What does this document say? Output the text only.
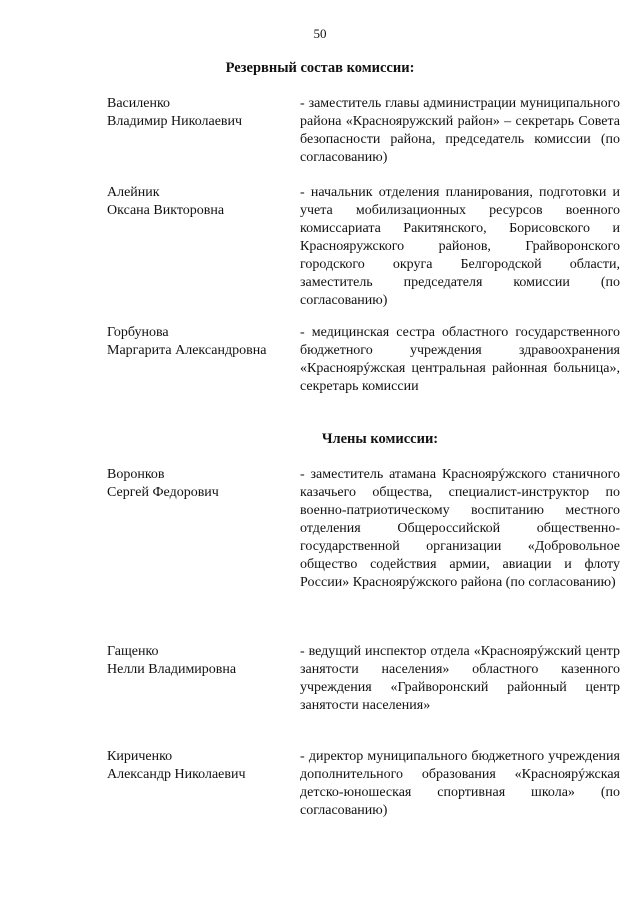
50
Резервный состав комиссии:
Василенко
Владимир Николаевич
- заместитель главы администрации муниципального района «Краснояружский район» – секретарь Совета безопасности района, председатель комиссии (по согласованию)
Алейник
Оксана Викторовна
- начальник отделения планирования, подготовки и учета мобилизационных ресурсов военного комиссариата Ракитянского, Борисовского и Краснояружского районов, Грайворонского городского округа Белгородской области, заместитель председателя комиссии (по согласованию)
Горбунова
Маргарита Александровна
- медицинская сестра областного государственного бюджетного учреждения здравоохранения «Красноярýжская центральная районная больница», секретарь комиссии
Члены комиссии:
Воронков
Сергей Федорович
- заместитель атамана Красноярýжского станичного казачьего общества, специалист-инструктор по военно-патриотическому воспитанию местного отделения Общероссийской общественно-государственной организации «Добровольное общество содействия армии, авиации и флоту России» Красноярýжского района (по согласованию)
Гащенко
Нелли Владимировна
- ведущий инспектор отдела «Красноярýжский центр занятости населения» областного казенного учреждения «Грайворонский районный центр занятости населения»
Кириченко
Александр Николаевич
- директор муниципального бюджетного учреждения дополнительного образования «Красноярýжская детско-юношеская спортивная школа» (по согласованию)
